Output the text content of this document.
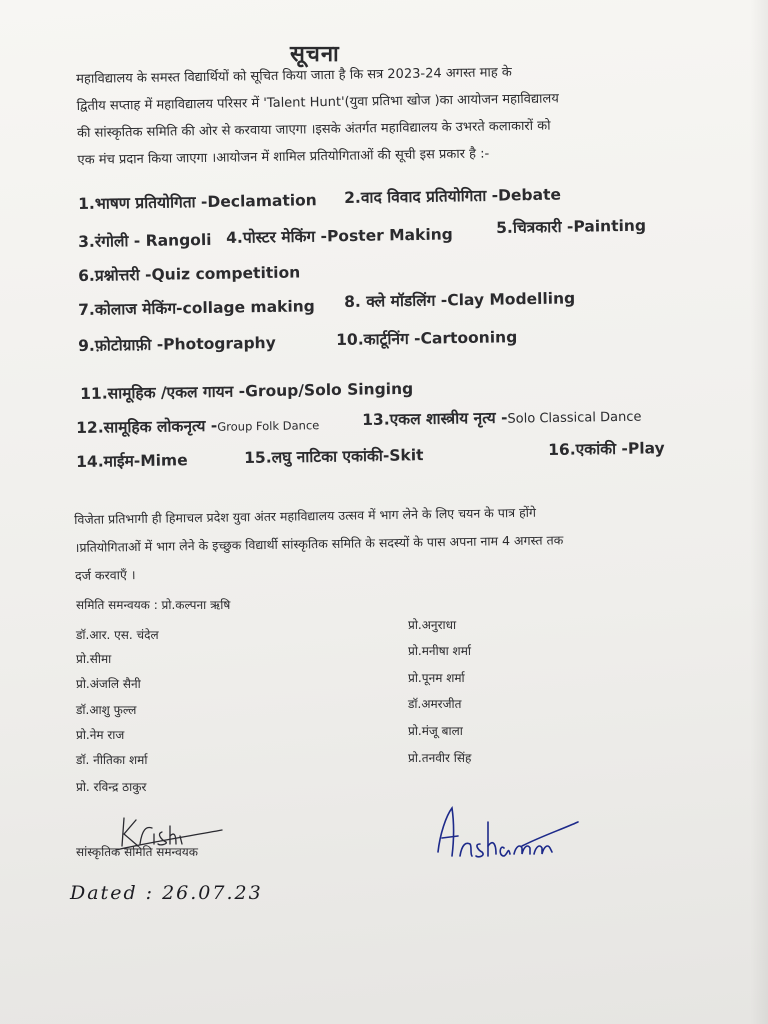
सूचना

महाविद्यालय के समस्त विद्यार्थियों को सूचित किया जाता है कि सत्र 2023-24 अगस्त माह के

द्वितीय सप्ताह में महाविद्यालय परिसर में 'Talent Hunt'(युवा प्रतिभा खोज )का आयोजन महाविद्यालय

की सांस्कृतिक समिति की ओर से करवाया जाएगा ।इसके अंतर्गत महाविद्यालय के उभरते कलाकारों को

एक मंच प्रदान किया जाएगा ।आयोजन में शामिल प्रतियोगिताओं की सूची इस प्रकार है :-

1.भाषण प्रतियोगिता -Declamation 2.वाद विवाद प्रतियोगिता -Debate
3.रंगोली - Rangoli 4.पोस्टर मेकिंग -Poster Making	5.चित्रकारी -Painting
6.प्रश्नोत्तरी -Quiz competition
7.कोलाज मेकिंग-collage making 8. क्ले मॉडलिंग -Clay Modelling
9.फ़ोटोग्राफ़ी -Photography	10.कार्टूनिंग -Cartooning
11.सामूहिक /एकल गायन -Group/Solo Singing
12.सामूहिक लोकनृत्य -Group Folk Dance	13.एकल शास्त्रीय नृत्य -Solo Classical Dance
14.माईम-Mime	15.लघु नाटिका एकांकी-Skit	16.एकांकी -Play

विजेता प्रतिभागी ही हिमाचल प्रदेश युवा अंतर महाविद्यालय उत्सव में भाग लेने के लिए चयन के पात्र होंगे

।प्रतियोगिताओं में भाग लेने के इच्छुक विद्यार्थी सांस्कृतिक समिति के सदस्यों के पास अपना नाम 4 अगस्त तक

दर्ज करवाएँ ।

समिति समन्वयक : प्रो.कल्पना ऋषि
डॉ.आर. एस. चंदेल
प्रो.सीमा
प्रो.अंजलि सैनी
डॉ.आशु फुल्ल
प्रो.नेम राज
डॉ. नीतिका शर्मा
प्रो. रविन्द्र ठाकुर
प्रो.अनुराधा
प्रो.मनीषा शर्मा
प्रो.पूनम शर्मा
डॉ.अमरजीत
प्रो.मंजू बाला
प्रो.तनवीर सिंह
सांस्कृतिक समिति समन्वयक
Dated : 26.07.23
